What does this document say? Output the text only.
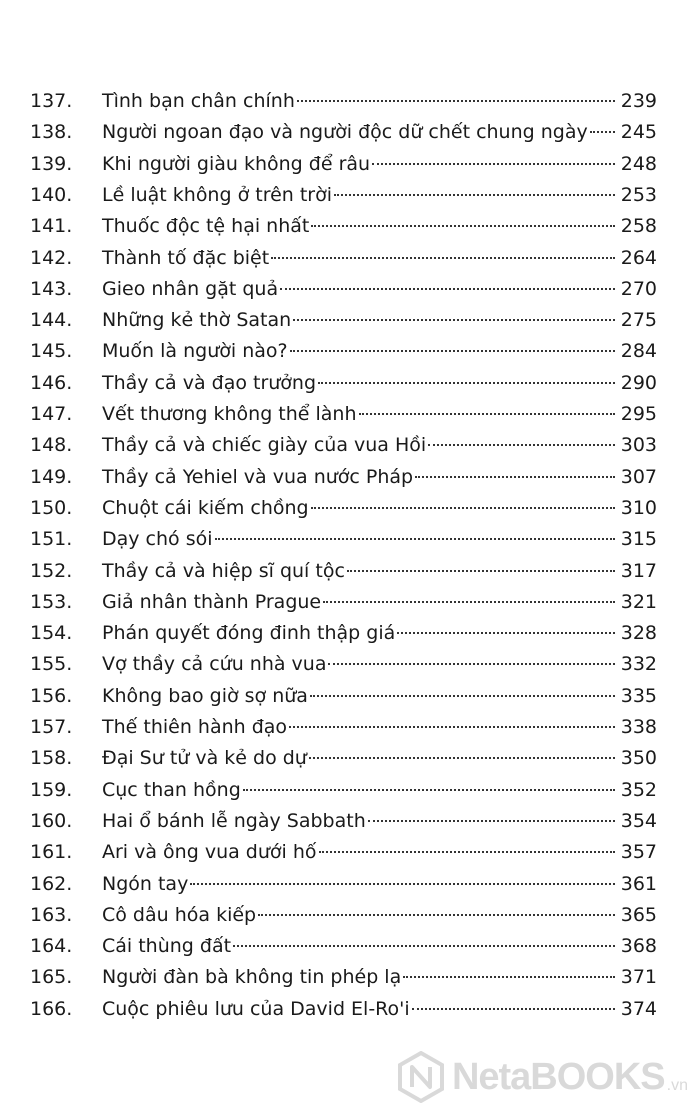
137.	Tình bạn chân chính	239
138.	Người ngoan đạo và người độc dữ chết chung ngày 245
139.	Khi người giàu không để râu	248
140.	Lề luật không ở trên trời	253
141.	Thuốc độc tệ hại nhất	258
142.	Thành tố đặc biệt	264
143.	Gieo nhân gặt quả	270
144.	Những kẻ thờ Satan	275
145.	Muốn là người nào?	284
146.	Thầy cả và đạo trưởng	290
147.	Vết thương không thể lành	295
148.	Thầy cả và chiếc giày của vua Hồi	303
149.	Thầy cả Yehiel và vua nước Pháp	307
150.	Chuột cái kiếm chồng	310
151.	Dạy chó sói	315
152.	Thầy cả và hiệp sĩ quí tộc	317
153.	Giả nhân thành Prague	321
154.	Phán quyết đóng đinh thập giá	328
155.	Vợ thầy cả cứu nhà vua	332
156.	Không bao giờ sợ nữa	335
157.	Thế thiên hành đạo	338
158.	Đại Sư tử và kẻ do dự	350
159.	Cục than hồng	352
160.	Hai ổ bánh lễ ngày Sabbath	354
161.	Ari và ông vua dưới hố	357
162.	Ngón tay	361
163.	Cô dâu hóa kiếp	365
164.	Cái thùng đất	368
165.	Người đàn bà không tin phép lạ	371
166.	Cuộc phiêu lưu của David El-Ro'i	374
NetaBOOKS .vn
